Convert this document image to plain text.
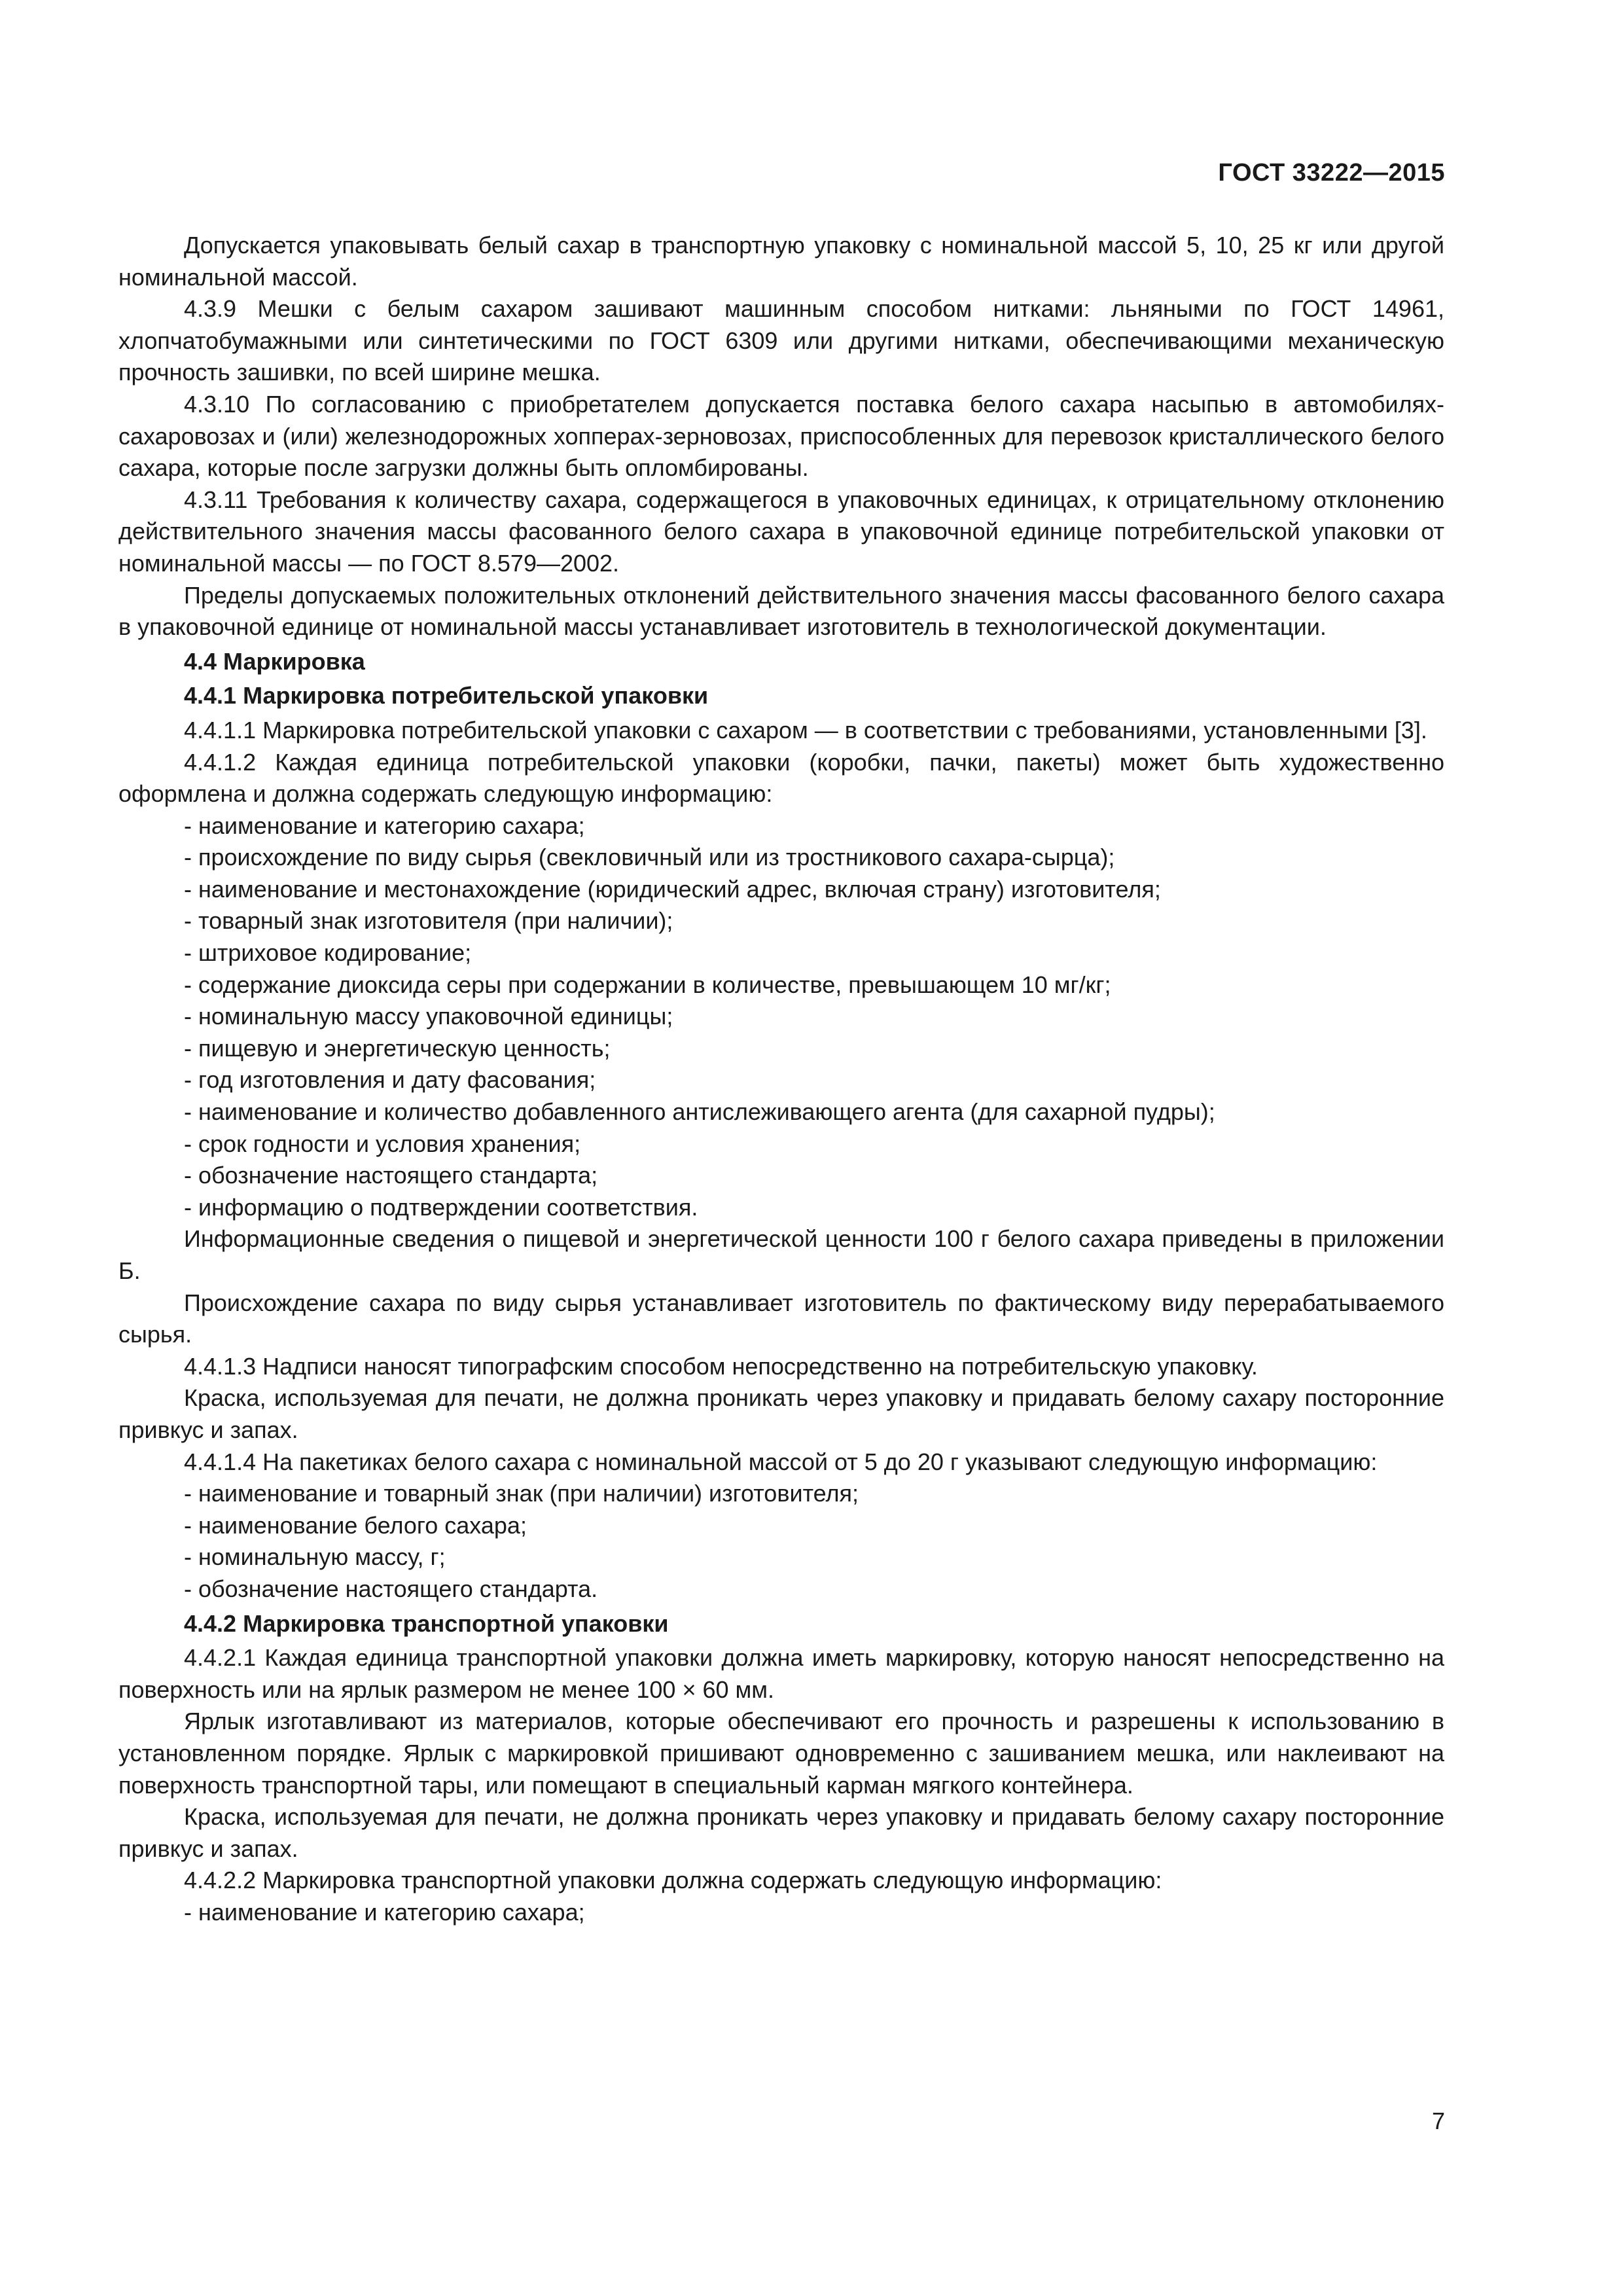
ГОСТ 33222—2015

Допускается упаковывать белый сахар в транспортную упаковку с номинальной массой 5, 10, 25 кг или другой номинальной массой.

4.3.9 Мешки с белым сахаром зашивают машинным способом нитками: льняными по ГОСТ 14961, хлопчатобумажными или синтетическими по ГОСТ 6309 или другими нитками, обеспечивающими механическую прочность зашивки, по всей ширине мешка.

4.3.10 По согласованию с приобретателем допускается поставка белого сахара насыпью в автомобилях-сахаровозах и (или) железнодорожных хопперах-зерновозах, приспособленных для перевозок кристаллического белого сахара, которые после загрузки должны быть опломбированы.

4.3.11 Требования к количеству сахара, содержащегося в упаковочных единицах, к отрицательному отклонению действительного значения массы фасованного белого сахара в упаковочной единице потребительской упаковки от номинальной массы — по ГОСТ 8.579—2002.

Пределы допускаемых положительных отклонений действительного значения массы фасованного белого сахара в упаковочной единице от номинальной массы устанавливает изготовитель в технологической документации.

4.4 Маркировка

4.4.1 Маркировка потребительской упаковки

4.4.1.1 Маркировка потребительской упаковки с сахаром — в соответствии с требованиями, установленными [3].

4.4.1.2 Каждая единица потребительской упаковки (коробки, пачки, пакеты) может быть художественно оформлена и должна содержать следующую информацию:

- наименование и категорию сахара;

- происхождение по виду сырья (свекловичный или из тростникового сахара-сырца);

- наименование и местонахождение (юридический адрес, включая страну) изготовителя;

- товарный знак изготовителя (при наличии);

- штриховое кодирование;

- содержание диоксида серы при содержании в количестве, превышающем 10 мг/кг;

- номинальную массу упаковочной единицы;

- пищевую и энергетическую ценность;

- год изготовления и дату фасования;

- наименование и количество добавленного антислеживающего агента (для сахарной пудры);

- срок годности и условия хранения;

- обозначение настоящего стандарта;

- информацию о подтверждении соответствия.

Информационные сведения о пищевой и энергетической ценности 100 г белого сахара приведены в приложении Б.

Происхождение сахара по виду сырья устанавливает изготовитель по фактическому виду перерабатываемого сырья.

4.4.1.3 Надписи наносят типографским способом непосредственно на потребительскую упаковку.

Краска, используемая для печати, не должна проникать через упаковку и придавать белому сахару посторонние привкус и запах.

4.4.1.4 На пакетиках белого сахара с номинальной массой от 5 до 20 г указывают следующую информацию:

- наименование и товарный знак (при наличии) изготовителя;

- наименование белого сахара;

- номинальную массу, г;

- обозначение настоящего стандарта.

4.4.2 Маркировка транспортной упаковки

4.4.2.1 Каждая единица транспортной упаковки должна иметь маркировку, которую наносят непосредственно на поверхность или на ярлык размером не менее 100 × 60 мм.

Ярлык изготавливают из материалов, которые обеспечивают его прочность и разрешены к использованию в установленном порядке. Ярлык с маркировкой пришивают одновременно с зашиванием мешка, или наклеивают на поверхность транспортной тары, или помещают в специальный карман мягкого контейнера.

Краска, используемая для печати, не должна проникать через упаковку и придавать белому сахару посторонние привкус и запах.

4.4.2.2 Маркировка транспортной упаковки должна содержать следующую информацию:

- наименование и категорию сахара;

7
